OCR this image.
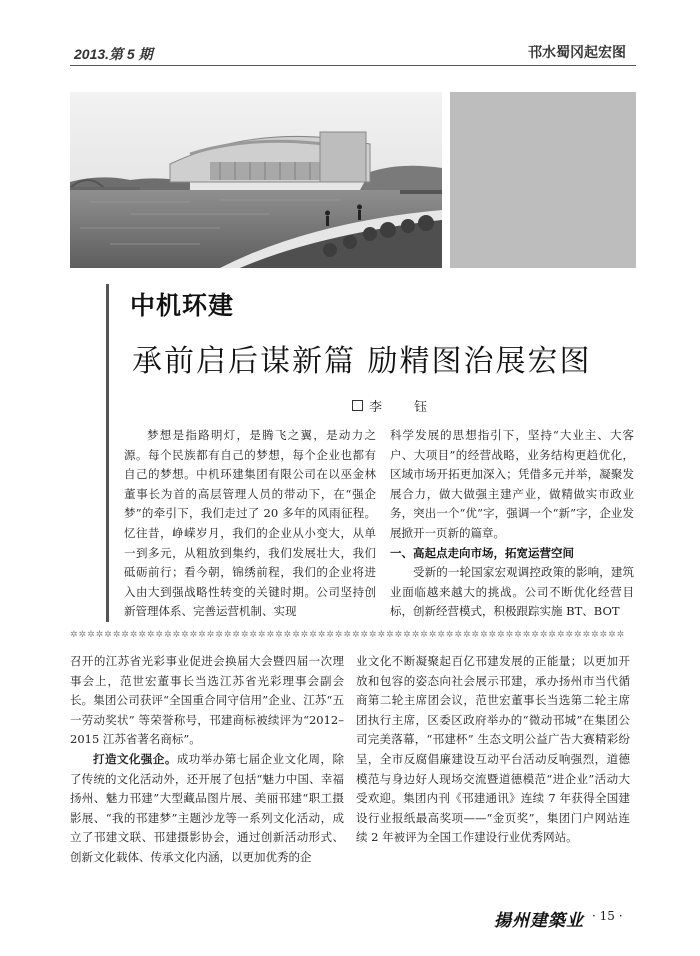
2013.第 5 期	邗水蜀冈起宏图
中机环建
承前启后谋新篇 励精图治展宏图
李 钰

梦想是指路明灯，是腾飞之翼，是动力之源。每个民族都有自己的梦想，每个企业也都有自己的梦想。中机环建集团有限公司在以巫金林董事长为首的高层管理人员的带动下，在“强企梦”的牵引下，我们走过了 20 多年的风雨征程。忆往昔，峥嵘岁月，我们的企业从小变大，从单一到多元，从粗放到集约，我们发展壮大，我们砥砺前行；看今朝，锦绣前程，我们的企业将进入由大到强战略性转变的关键时期。公司坚持创新管理体系、完善运营机制、实现

科学发展的思想指引下，坚持“大业主、大客户、大项目”的经营战略，业务结构更趋优化，区域市场开拓更加深入；凭借多元并举，凝聚发展合力，做大做强主建产业，做精做实市政业务，突出一个“优”字，强调一个“新”字，企业发展掀开一页新的篇章。

一、高起点走向市场，拓宽运营空间

受新的一轮国家宏观调控政策的影响，建筑业面临越来越大的挑战。公司不断优化经营目标，创新经营模式，积极跟踪实施 BT、BOT

✲✲✲✲✲✲✲✲✲✲✲✲✲✲✲✲✲✲✲✲✲✲✲✲✲✲✲✲✲✲✲✲✲✲✲✲✲✲✲✲✲✲✲✲✲✲✲✲✲✲✲✲✲✲✲✲✲✲✲✲✲✲✲✲✲

召开的江苏省光彩事业促进会换届大会暨四届一次理事会上，范世宏董事长当选江苏省光彩理事会副会长。集团公司获评“全国重合同守信用”企业、江苏“五一劳动奖状” 等荣誉称号，邗建商标被续评为“2012–2015 江苏省著名商标”。

打造文化强企。成功举办第七届企业文化周，除了传统的文化活动外，还开展了包括“魅力中国、幸福扬州、魅力邗建”大型藏品图片展、美丽邗建“职工摄影展、“我的邗建梦”主题沙龙等一系列文化活动，成立了邗建文联、邗建摄影协会，通过创新活动形式、创新文化载体、传承文化内涵，以更加优秀的企

业文化不断凝聚起百亿邗建发展的正能量；以更加开放和包容的姿态向社会展示邗建，承办扬州市当代循商第二轮主席团会议，范世宏董事长当选第二轮主席团执行主席，区委区政府举办的“微动邗城”在集团公司完美落幕，“邗建杯” 生态文明公益广告大赛精彩纷呈，全市反腐倡廉建设互动平台活动反响强烈，道德模范与身边好人现场交流暨道德模范“进企业”活动大受欢迎。集团内刊《邗建通讯》连续 7 年获得全国建设行业报纸最高奖项——“金页奖”，集团门户网站连续 2 年被评为全国工作建设行业优秀网站。

揚州建築业 · 15 ·
